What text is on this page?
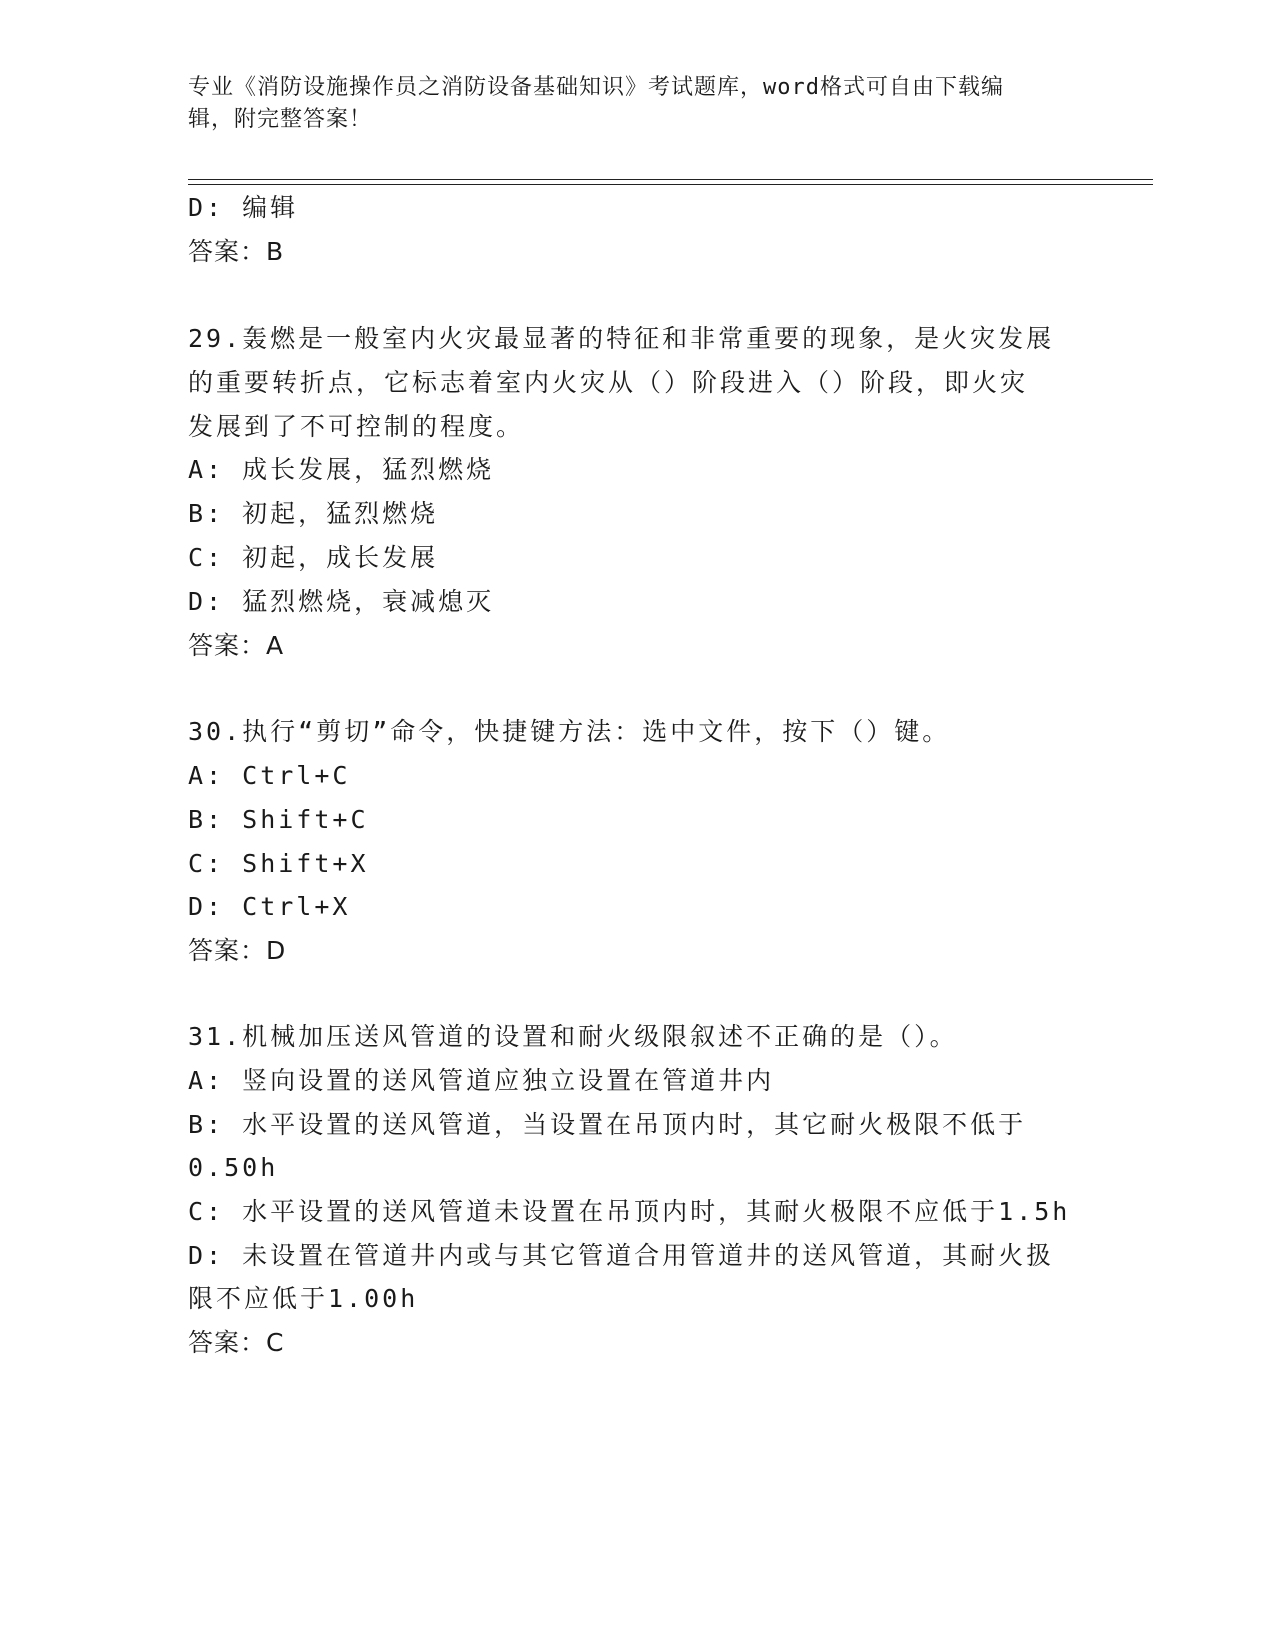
专业《消防设施操作员之消防设备基础知识》考试题库，word格式可自由下载编
辑，附完整答案！
D: 编辑
答案：B
29.轰燃是一般室内火灾最显著的特征和非常重要的现象，是火灾发展
的重要转折点，它标志着室内火灾从（）阶段进入（）阶段，即火灾
发展到了不可控制的程度。
A: 成长发展，猛烈燃烧
B: 初起，猛烈燃烧
C: 初起，成长发展
D: 猛烈燃烧，衰减熄灭
答案：A
30.执行“剪切”命令，快捷键方法：选中文件，按下（）键。
A: Ctrl+C
B: Shift+C
C: Shift+X
D: Ctrl+X
答案：D
31.机械加压送风管道的设置和耐火级限叙述不正确的是（）。
A: 竖向设置的送风管道应独立设置在管道井内
B: 水平设置的送风管道，当设置在吊顶内时，其它耐火极限不低于
0.50h
C: 水平设置的送风管道未设置在吊顶内时，其耐火极限不应低于1.5h
D: 未设置在管道井内或与其它管道合用管道井的送风管道，其耐火扱
限不应低于1.00h
答案：C
